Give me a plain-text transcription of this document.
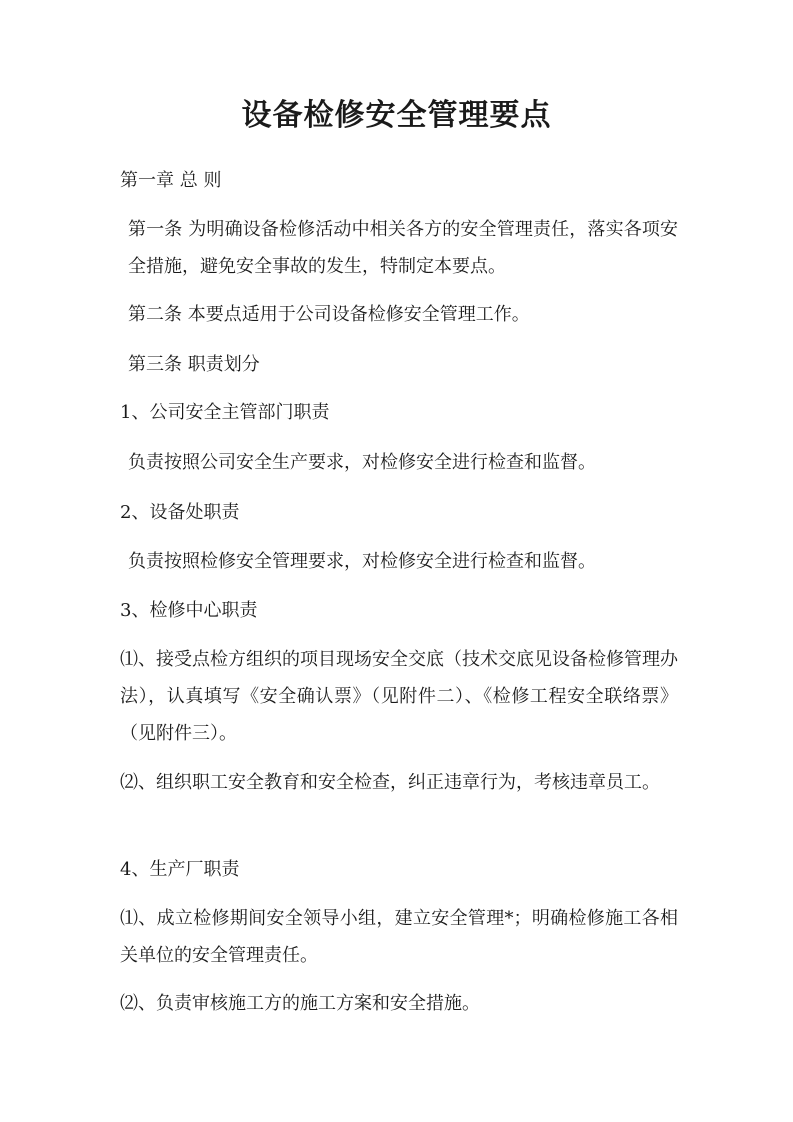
设备检修安全管理要点

第一章 总 则

第一条 为明确设备检修活动中相关各方的安全管理责任，落实各项安全措施，避免安全事故的发生，特制定本要点。

第二条 本要点适用于公司设备检修安全管理工作。

第三条 职责划分

1、公司安全主管部门职责

负责按照公司安全生产要求，对检修安全进行检查和监督。

2、设备处职责

负责按照检修安全管理要求，对检修安全进行检查和监督。

3、检修中心职责

⑴、接受点检方组织的项目现场安全交底（技术交底见设备检修管理办法），认真填写《安全确认票》（见附件二）、《检修工程安全联络票》（见附件三）。

⑵、组织职工安全教育和安全检查，纠正违章行为，考核违章员工。

4、生产厂职责

⑴、成立检修期间安全领导小组，建立安全管理*；明确检修施工各相关单位的安全管理责任。

⑵、负责审核施工方的施工方案和安全措施。
